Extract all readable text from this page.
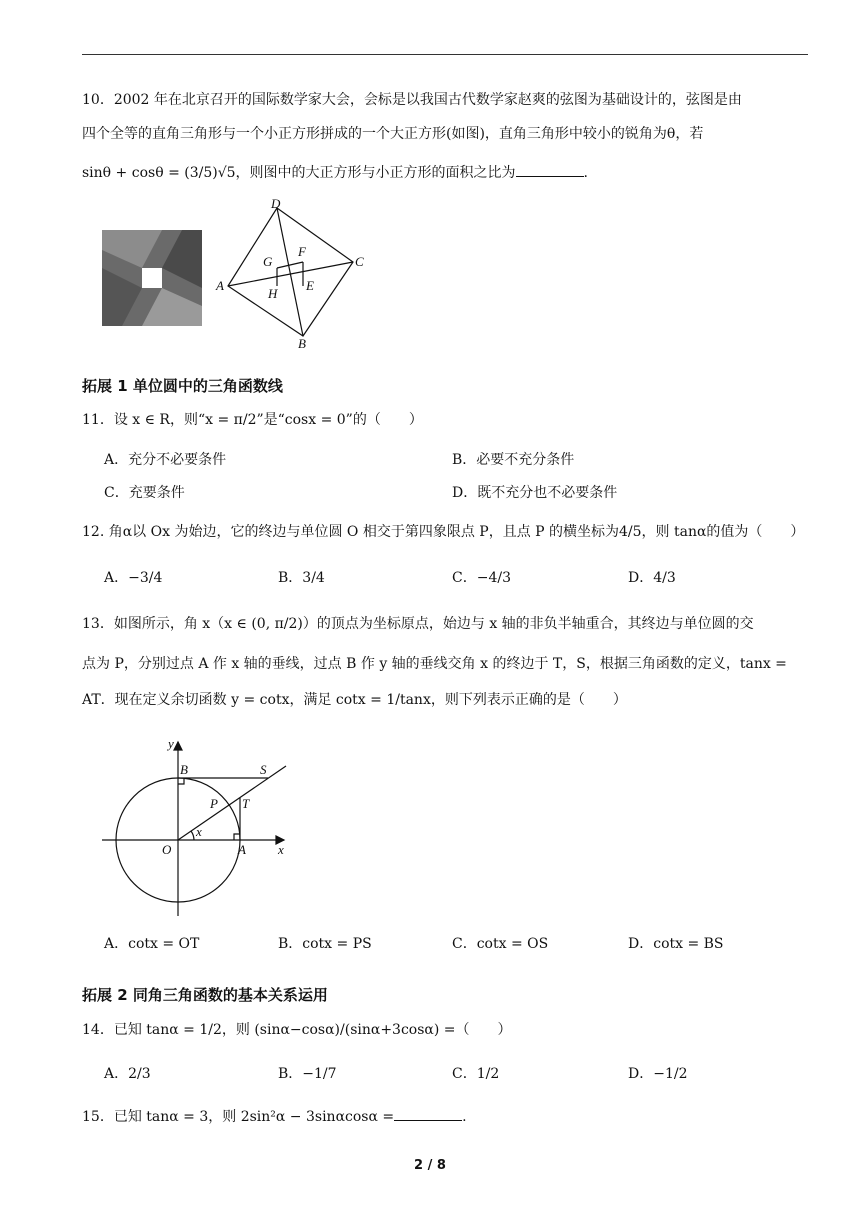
10．2002 年在北京召开的国际数学家大会，会标是以我国古代数学家赵爽的弦图为基础设计的，弦图是由
四个全等的直角三角形与一个小正方形拼成的一个大正方形(如图)，直角三角形中较小的锐角为θ，若
sinθ + cosθ = (3/5)√5，则图中的大正方形与小正方形的面积之比为	.
D
F
G	C
A
H
E
B
拓展 1 单位圆中的三角函数线
11．设 x ∈ R，则“x = π/2”是“cosx = 0”的（　　）
A．充分不必要条件	B．必要不充分条件
C．充要条件	D．既不充分也不必要条件
12. 角α以 Ox 为始边，它的终边与单位圆 O 相交于第四象限点 P，且点 P 的横坐标为4/5，则 tanα的值为（　　）
A．−3/4	B．3/4	C．−4/3	D．4/3
13．如图所示，角 x（x ∈ (0, π/2)）的顶点为坐标原点，始边与 x 轴的非负半轴重合，其终边与单位圆的交
点为 P，分别过点 A 作 x 轴的垂线，过点 B 作 y 轴的垂线交角 x 的终边于 T，S，根据三角函数的定义，tanx =
AT．现在定义余切函数 y = cotx，满足 cotx = 1/tanx，则下列表示正确的是（　　）
y
B	S
P T
x
O	A x
A．cotx = OT	B．cotx = PS	C．cotx = OS	D．cotx = BS
拓展 2 同角三角函数的基本关系运用
14．已知 tanα = 1/2，则 (sinα−cosα)/(sinα+3cosα) =（　　）
A．2/3	B．−1/7	C．1/2	D．−1/2
15．已知 tanα = 3，则 2sin²α − 3sinαcosα =	.
2 / 8
